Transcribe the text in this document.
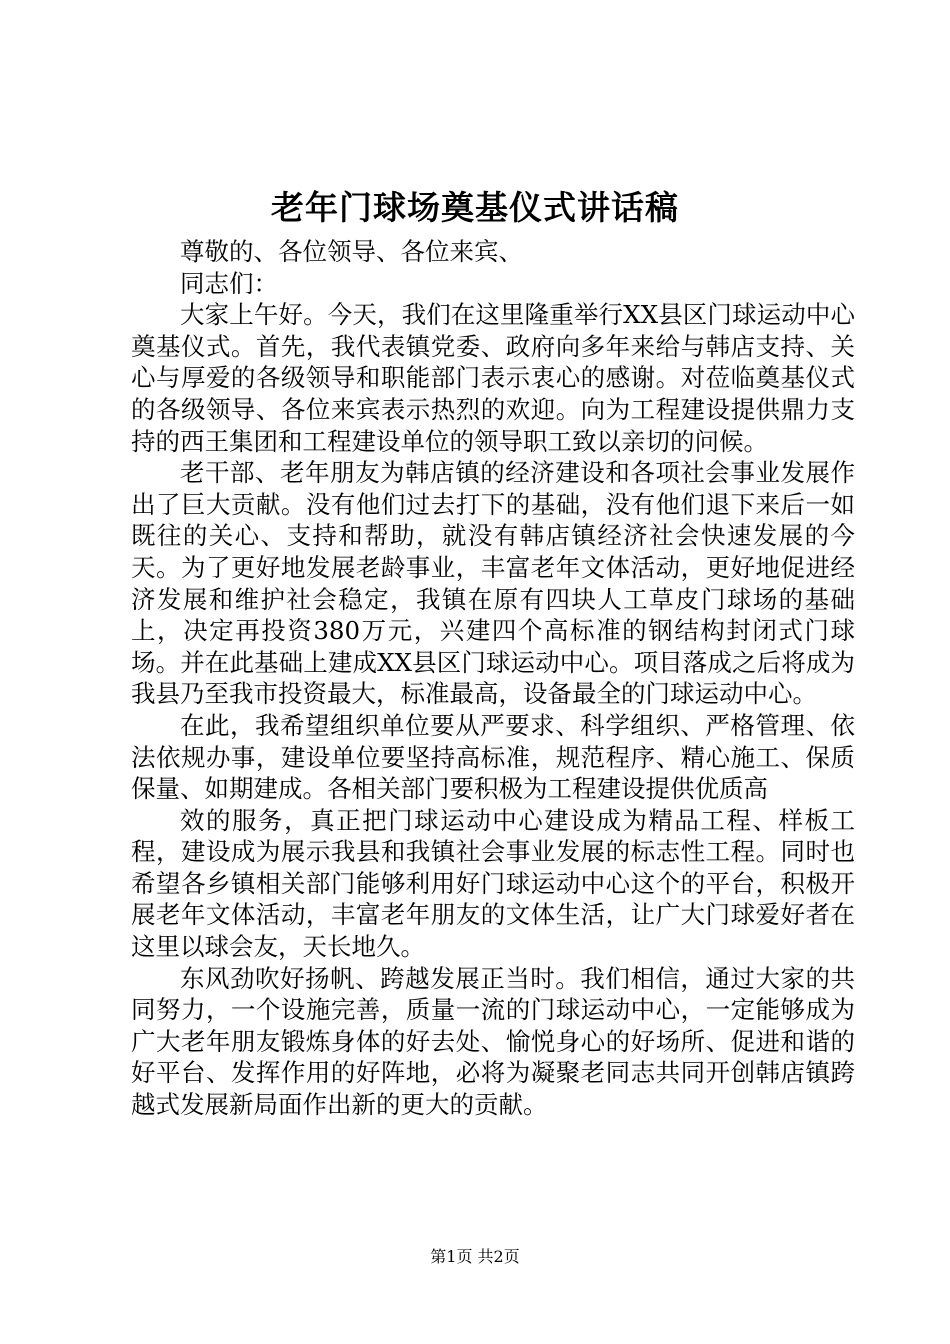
老年门球场奠基仪式讲话稿

尊敬的、各位领导、各位来宾、

同志们：

大家上午好。今天，我们在这里隆重举行XX县区门球运动中心奠基仪式。首先，我代表镇党委、政府向多年来给与韩店支持、关心与厚爱的各级领导和职能部门表示衷心的感谢。对莅临奠基仪式的各级领导、各位来宾表示热烈的欢迎。向为工程建设提供鼎力支持的西王集团和工程建设单位的领导职工致以亲切的问候。

老干部、老年朋友为韩店镇的经济建设和各项社会事业发展作出了巨大贡献。没有他们过去打下的基础，没有他们退下来后一如既往的关心、支持和帮助，就没有韩店镇经济社会快速发展的今天。为了更好地发展老龄事业，丰富老年文体活动，更好地促进经济发展和维护社会稳定，我镇在原有四块人工草皮门球场的基础上，决定再投资380万元，兴建四个高标准的钢结构封闭式门球场。并在此基础上建成XX县区门球运动中心。项目落成之后将成为我县乃至我市投资最大，标准最高，设备最全的门球运动中心。

在此，我希望组织单位要从严要求、科学组织、严格管理、依法依规办事，建设单位要坚持高标准，规范程序、精心施工、保质保量、如期建成。各相关部门要积极为工程建设提供优质高

效的服务，真正把门球运动中心建设成为精品工程、样板工程，建设成为展示我县和我镇社会事业发展的标志性工程。同时也希望各乡镇相关部门能够利用好门球运动中心这个的平台，积极开展老年文体活动，丰富老年朋友的文体生活，让广大门球爱好者在这里以球会友，天长地久。

东风劲吹好扬帆、跨越发展正当时。我们相信，通过大家的共同努力，一个设施完善，质量一流的门球运动中心，一定能够成为广大老年朋友锻炼身体的好去处、愉悦身心的好场所、促进和谐的好平台、发挥作用的好阵地，必将为凝聚老同志共同开创韩店镇跨越式发展新局面作出新的更大的贡献。

第1页 共2页
